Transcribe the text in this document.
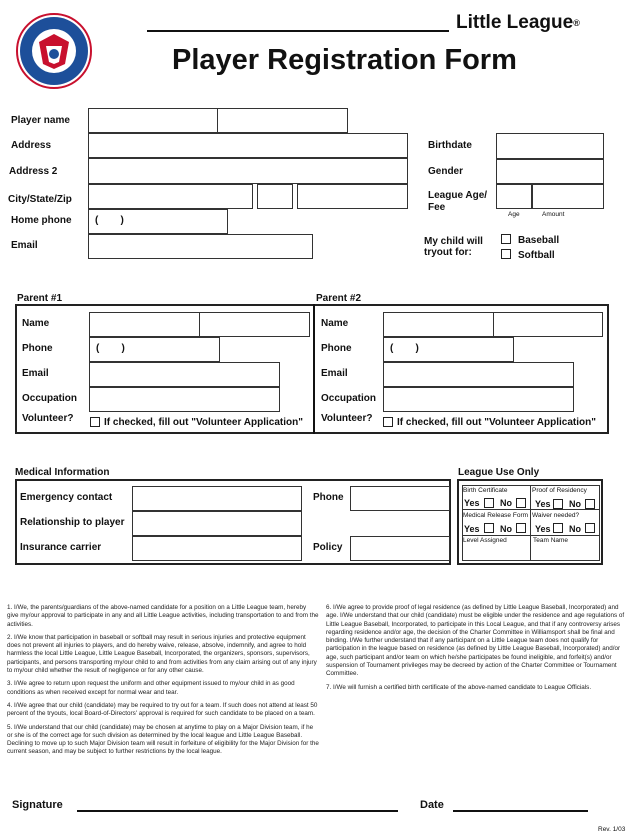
Little League®
Player Registration Form
Player name
Address
Address 2
City/State/Zip
Home phone (        )
Email
Birthdate
Gender
League Age/
Fee
Age	Amount
My child will
tryout for:
Baseball
Softball
Parent #1	Parent #2
Name
Phone	(        )
Email
Occupation
Volunteer?	If checked, fill out "Volunteer Application"
Name
Phone	(        )
Email
Occupation
Volunteer? If checked, fill out "Volunteer Application"
Medical Information
Emergency contact
Relationship to player
Insurance carrier
Phone
Policy
League Use Only
Birth Certificate	Proof of Residency
Yes No	Yes No
Medical Release Form Waiver needed?
Yes No	Yes No
Level Assigned	Team Name

1. I/We, the parents/guardians of the above-named candidate for a position on a Little League team, hereby give my/our approval to participate in any and all Little League activities, including transportation to and from the activities.

2. I/We know that participation in baseball or softball may result in serious injuries and protective equipment does not prevent all injuries to players, and do hereby waive, release, absolve, indemnify, and agree to hold harmless the local Little League, Little League Baseball, Incorporated, the organizers, sponsors, supervisors, participants, and persons transporting my/our child to and from activities from any claim arising out of any injury to my/our child whether the result of negligence or for any other cause.

3. I/We agree to return upon request the uniform and other equipment issued to my/our child in as good conditions as when received except for normal wear and tear.

4. I/We agree that our child (candidate) may be required to try out for a team. If such does not attend at least 50 percent of the tryouts, local Board-of-Directors' approval is required for such candidate to be placed on a team.

5. I/We understand that our child (candidate) may be chosen at anytime to play on a Major Division team, if he or she is of the correct age for such division as determined by the local league and Little League Baseball. Declining to move up to such Major Division team will result in forfeiture of eligibility for the Major Division for the current season, and may be subject to further restrictions by the local league.

6. I/We agree to provide proof of legal residence (as defined by Little League Baseball, Incorporated) and age. I/We understand that our child (candidate) must be eligible under the residence and age regulations of Little League Baseball, Incorporated, to participate in this Local League, and that if any controversy arises regarding residence and/or age, the decision of the Charter Committee in Williamsport shall be final and binding. I/We further understand that if any participant on a Little League team does not qualify for participation in the league based on residence (as defined by Little League Baseball, Incorporated) and/or age, such participant and/or team on which he/she participates be found ineligible, and forfeit(s) and/or suspension of Tournament privileges may be decreed by action of the Charter Committee or Tournament Committee.

7. I/We will furnish a certified birth certificate of the above-named candidate to League Officials.

Signature	Date
Rev. 1/03
